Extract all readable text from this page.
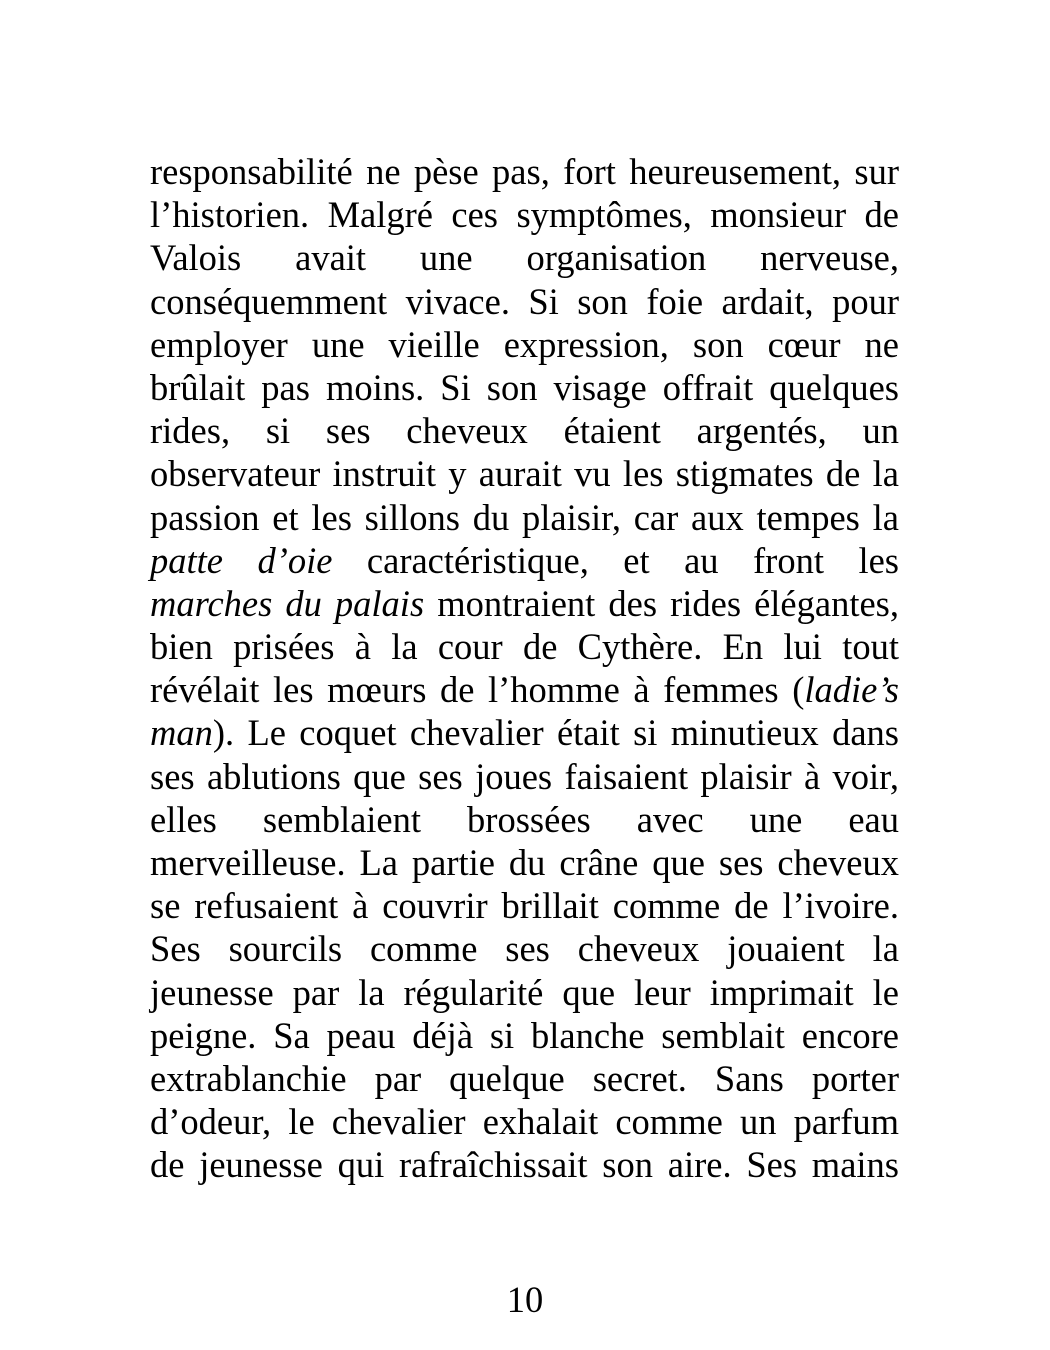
responsabilité ne pèse pas, fort heureusement, sur
l’historien. Malgré ces symptômes, monsieur de
Valois avait une organisation nerveuse,
conséquemment vivace. Si son foie ardait, pour
employer une vieille expression, son cœur ne
brûlait pas moins. Si son visage offrait quelques
rides, si ses cheveux étaient argentés, un
observateur instruit y aurait vu les stigmates de la
passion et les sillons du plaisir, car aux tempes la
patte d’oie caractéristique, et au front les
marches du palais montraient des rides élégantes,
bien prisées à la cour de Cythère. En lui tout
révélait les mœurs de l’homme à femmes (ladie’s
man). Le coquet chevalier était si minutieux dans
ses ablutions que ses joues faisaient plaisir à voir,
elles semblaient brossées avec une eau
merveilleuse. La partie du crâne que ses cheveux
se refusaient à couvrir brillait comme de l’ivoire.
Ses sourcils comme ses cheveux jouaient la
jeunesse par la régularité que leur imprimait le
peigne. Sa peau déjà si blanche semblait encore
extrablanchie par quelque secret. Sans porter
d’odeur, le chevalier exhalait comme un parfum
de jeunesse qui rafraîchissait son aire. Ses mains
10
